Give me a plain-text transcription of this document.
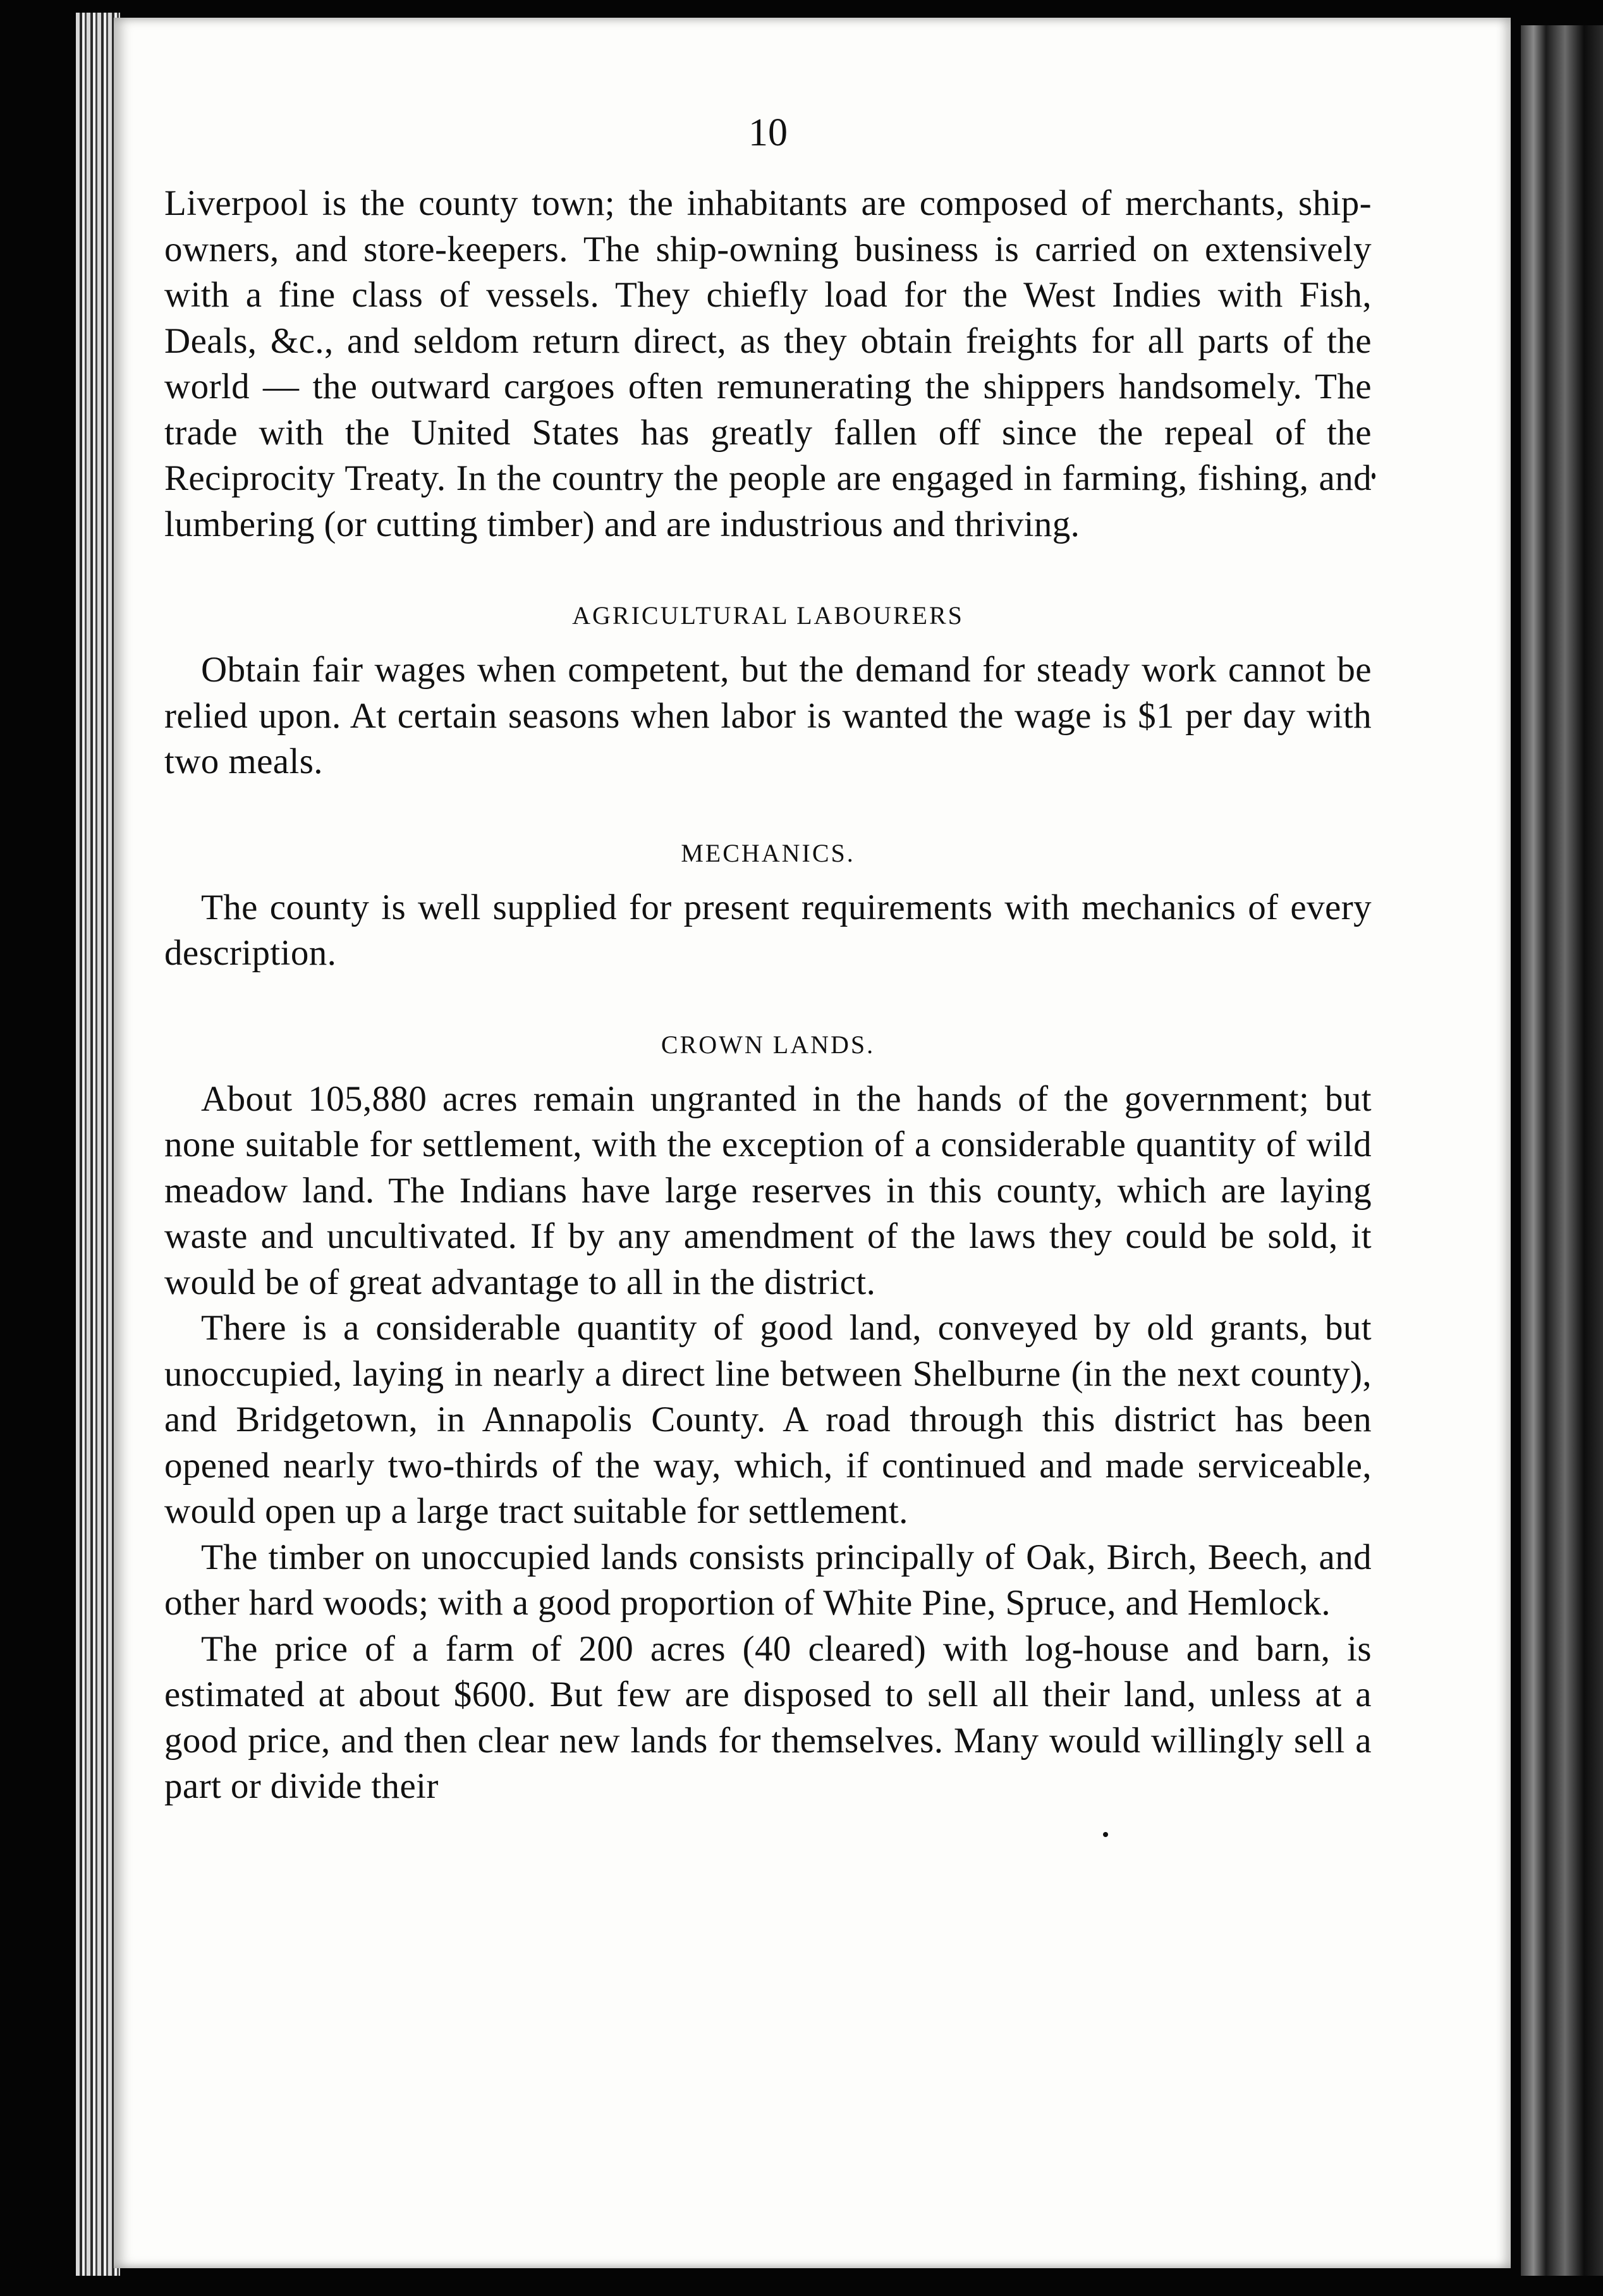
10

Liverpool is the county town; the inhabitants are composed of merchants, ship-owners, and store-keepers. The ship-owning business is carried on extensively with a fine class of vessels. They chiefly load for the West Indies with Fish, Deals, &c., and seldom return direct, as they obtain freights for all parts of the world — the outward cargoes often remunerating the shippers handsomely. The trade with the United States has greatly fallen off since the repeal of the Reciprocity Treaty. In the country the people are engaged in farming, fishing, and lumbering (or cutting timber) and are industrious and thriving.

AGRICULTURAL LABOURERS

Obtain fair wages when competent, but the demand for steady work cannot be relied upon. At certain seasons when labor is wanted the wage is $1 per day with two meals.

MECHANICS.

The county is well supplied for present requirements with mechanics of every description.

CROWN LANDS.

About 105,880 acres remain ungranted in the hands of the government; but none suitable for settlement, with the exception of a considerable quantity of wild meadow land. The Indians have large reserves in this county, which are laying waste and uncultivated. If by any amendment of the laws they could be sold, it would be of great advantage to all in the district.

There is a considerable quantity of good land, conveyed by old grants, but unoccupied, laying in nearly a direct line between Shelburne (in the next county), and Bridgetown, in Annapolis County. A road through this district has been opened nearly two-thirds of the way, which, if continued and made serviceable, would open up a large tract suitable for settlement.

The timber on unoccupied lands consists principally of Oak, Birch, Beech, and other hard woods; with a good proportion of White Pine, Spruce, and Hemlock.

The price of a farm of 200 acres (40 cleared) with log-house and barn, is estimated at about $600. But few are disposed to sell all their land, unless at a good price, and then clear new lands for themselves. Many would willingly sell a part or divide their
